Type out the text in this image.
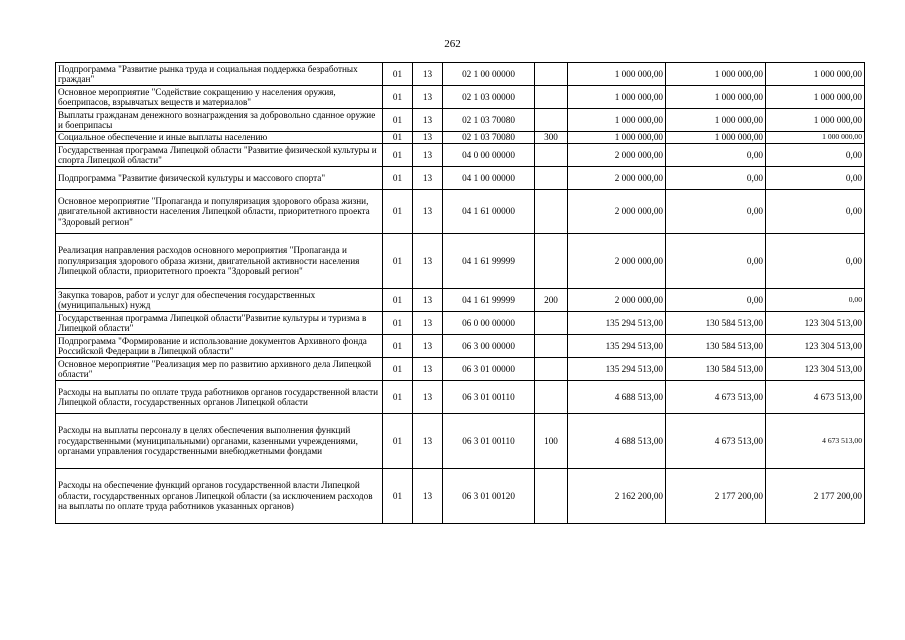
262
Подпрограмма "Развитие рынка труда и социальная поддержка безработных граждан"	01	13	02 1 00 00000		1 000 000,00	1 000 000,00	1 000 000,00
Основное мероприятие "Содействие сокращению у населения оружия, боеприпасов, взрывчатых веществ и материалов"	01	13	02 1 03 00000		1 000 000,00	1 000 000,00	1 000 000,00
Выплаты гражданам денежного вознаграждения за добровольно сданное оружие и боеприпасы	01	13	02 1 03 70080		1 000 000,00	1 000 000,00	1 000 000,00
Социальное обеспечение и иные выплаты населению	01	13	02 1 03 70080	300	1 000 000,00	1 000 000,00	1 000 000,00
Государственная программа Липецкой области "Развитие физической культуры и спорта Липецкой области"	01	13	04 0 00 00000		2 000 000,00	0,00	0,00
Подпрограмма "Развитие физической культуры и массового спорта"	01	13	04 1 00 00000		2 000 000,00	0,00	0,00
Основное мероприятие "Пропаганда и популяризация здорового образа жизни, двигательной активности населения Липецкой области, приоритетного проекта "Здоровый регион"	01	13	04 1 61 00000		2 000 000,00	0,00	0,00
Реализация направления расходов основного мероприятия "Пропаганда и популяризация здорового образа жизни, двигательной активности населения Липецкой области, приоритетного проекта "Здоровый регион"	01	13	04 1 61 99999		2 000 000,00	0,00	0,00
Закупка товаров, работ и услуг для обеспечения государственных (муниципальных) нужд	01	13	04 1 61 99999	200	2 000 000,00	0,00	0,00
Государственная программа Липецкой области"Развитие культуры и туризма в Липецкой области"	01	13	06 0 00 00000		135 294 513,00	130 584 513,00	123 304 513,00
Подпрограмма "Формирование и использование документов Архивного фонда Российской Федерации в Липецкой области"	01	13	06 3 00 00000		135 294 513,00	130 584 513,00	123 304 513,00
Основное мероприятие "Реализация мер по развитию архивного дела Липецкой области"	01	13	06 3 01 00000		135 294 513,00	130 584 513,00	123 304 513,00
Расходы на выплаты по оплате труда работников органов государственной власти Липецкой области, государственных органов Липецкой области	01	13	06 3 01 00110		4 688 513,00	4 673 513,00	4 673 513,00
Расходы на выплаты персоналу в целях обеспечения выполнения функций государственными (муниципальными) органами, казенными учреждениями, органами управления государственными внебюджетными фондами	01	13	06 3 01 00110	100	4 688 513,00	4 673 513,00	4 673 513,00
Расходы на обеспечение функций органов государственной власти Липецкой области, государственных органов Липецкой области (за исключением расходов на выплаты по оплате труда работников указанных органов)	01	13	06 3 01 00120		2 162 200,00	2 177 200,00	2 177 200,00
